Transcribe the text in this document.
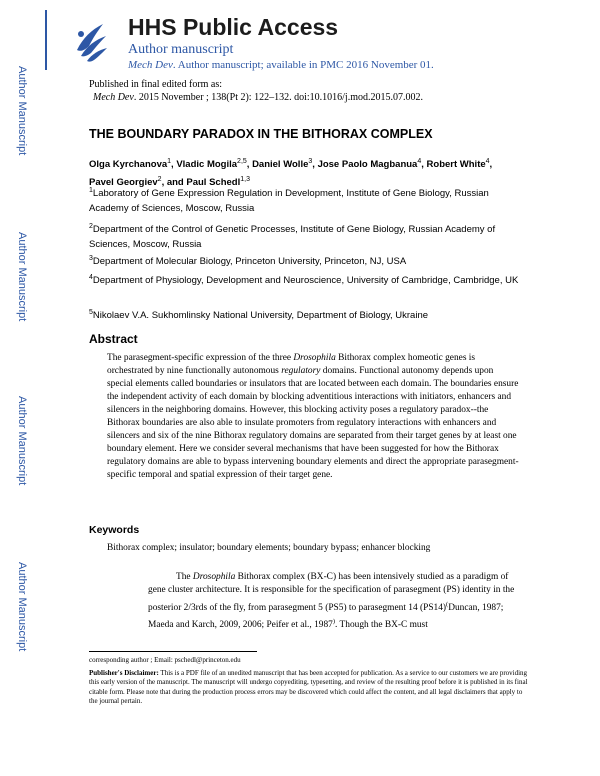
Author Manuscript
Author Manuscript
Author Manuscript
Author Manuscript
HHS Public Access
Author manuscript
Mech Dev. Author manuscript; available in PMC 2016 November 01.
Published in final edited form as:
Mech Dev. 2015 November ; 138(Pt 2): 122–132. doi:10.1016/j.mod.2015.07.002.
THE BOUNDARY PARADOX IN THE BITHORAX COMPLEX
Olga Kyrchanova$^1$, Vladic Mogila$^{2,5}$, Daniel Wolle$^3$, Jose Paolo Magbanua$^4$, Robert White$^4$,
Pavel Georgiev$^2$, and Paul Schedl$^{1,3}$
$^1$Laboratory of Gene Expression Regulation in Development, Institute of Gene Biology, Russian Academy of Sciences, Moscow, Russia
$^2$Department of the Control of Genetic Processes, Institute of Gene Biology, Russian Academy of Sciences, Moscow, Russia
$^3$Department of Molecular Biology, Princeton University, Princeton, NJ, USA
$^4$Department of Physiology, Development and Neuroscience, University of Cambridge, Cambridge, UK
$^5$Nikolaev V.A. Sukhomlinsky National University, Department of Biology, Ukraine
Abstract

The parasegment-specific expression of the three Drosophila Bithorax complex homeotic genes is orchestrated by nine functionally autonomous regulatory domains. Functional autonomy depends upon special elements called boundaries or insulators that are located between each domain. The boundaries ensure the independent activity of each domain by blocking adventitious interactions with initiators, enhancers and silencers in the neighboring domains. However, this blocking activity poses a regulatory paradox--the Bithorax boundaries are also able to insulate promoters from regulatory interactions with enhancers and silencers and six of the nine Bithorax regulatory domains are separated from their target genes by at least one boundary element. Here we consider several mechanisms that have been suggested for how the Bithorax regulatory domains are able to bypass intervening boundary elements and direct the appropriate parasegment-specific temporal and spatial expression of their target gene.

Keywords
Bithorax complex; insulator; boundary elements; boundary bypass; enhancer blocking

The Drosophila Bithorax complex (BX-C) has been intensively studied as a paradigm of gene cluster architecture. It is responsible for the specification of parasegment (PS) identity in the posterior 2/3rds of the fly, from parasegment 5 (PS5) to parasegment 14 (PS14)(Duncan, 1987; Maeda and Karch, 2009, 2006; Peifer et al., 1987). Though the BX-C must

corresponding author ; Email: pschedl@princeton.edu

Publisher's Disclaimer: This is a PDF file of an unedited manuscript that has been accepted for publication. As a service to our customers we are providing this early version of the manuscript. The manuscript will undergo copyediting, typesetting, and review of the resulting proof before it is published in its final citable form. Please note that during the production process errors may be discovered which could affect the content, and all legal disclaimers that apply to the journal pertain.
